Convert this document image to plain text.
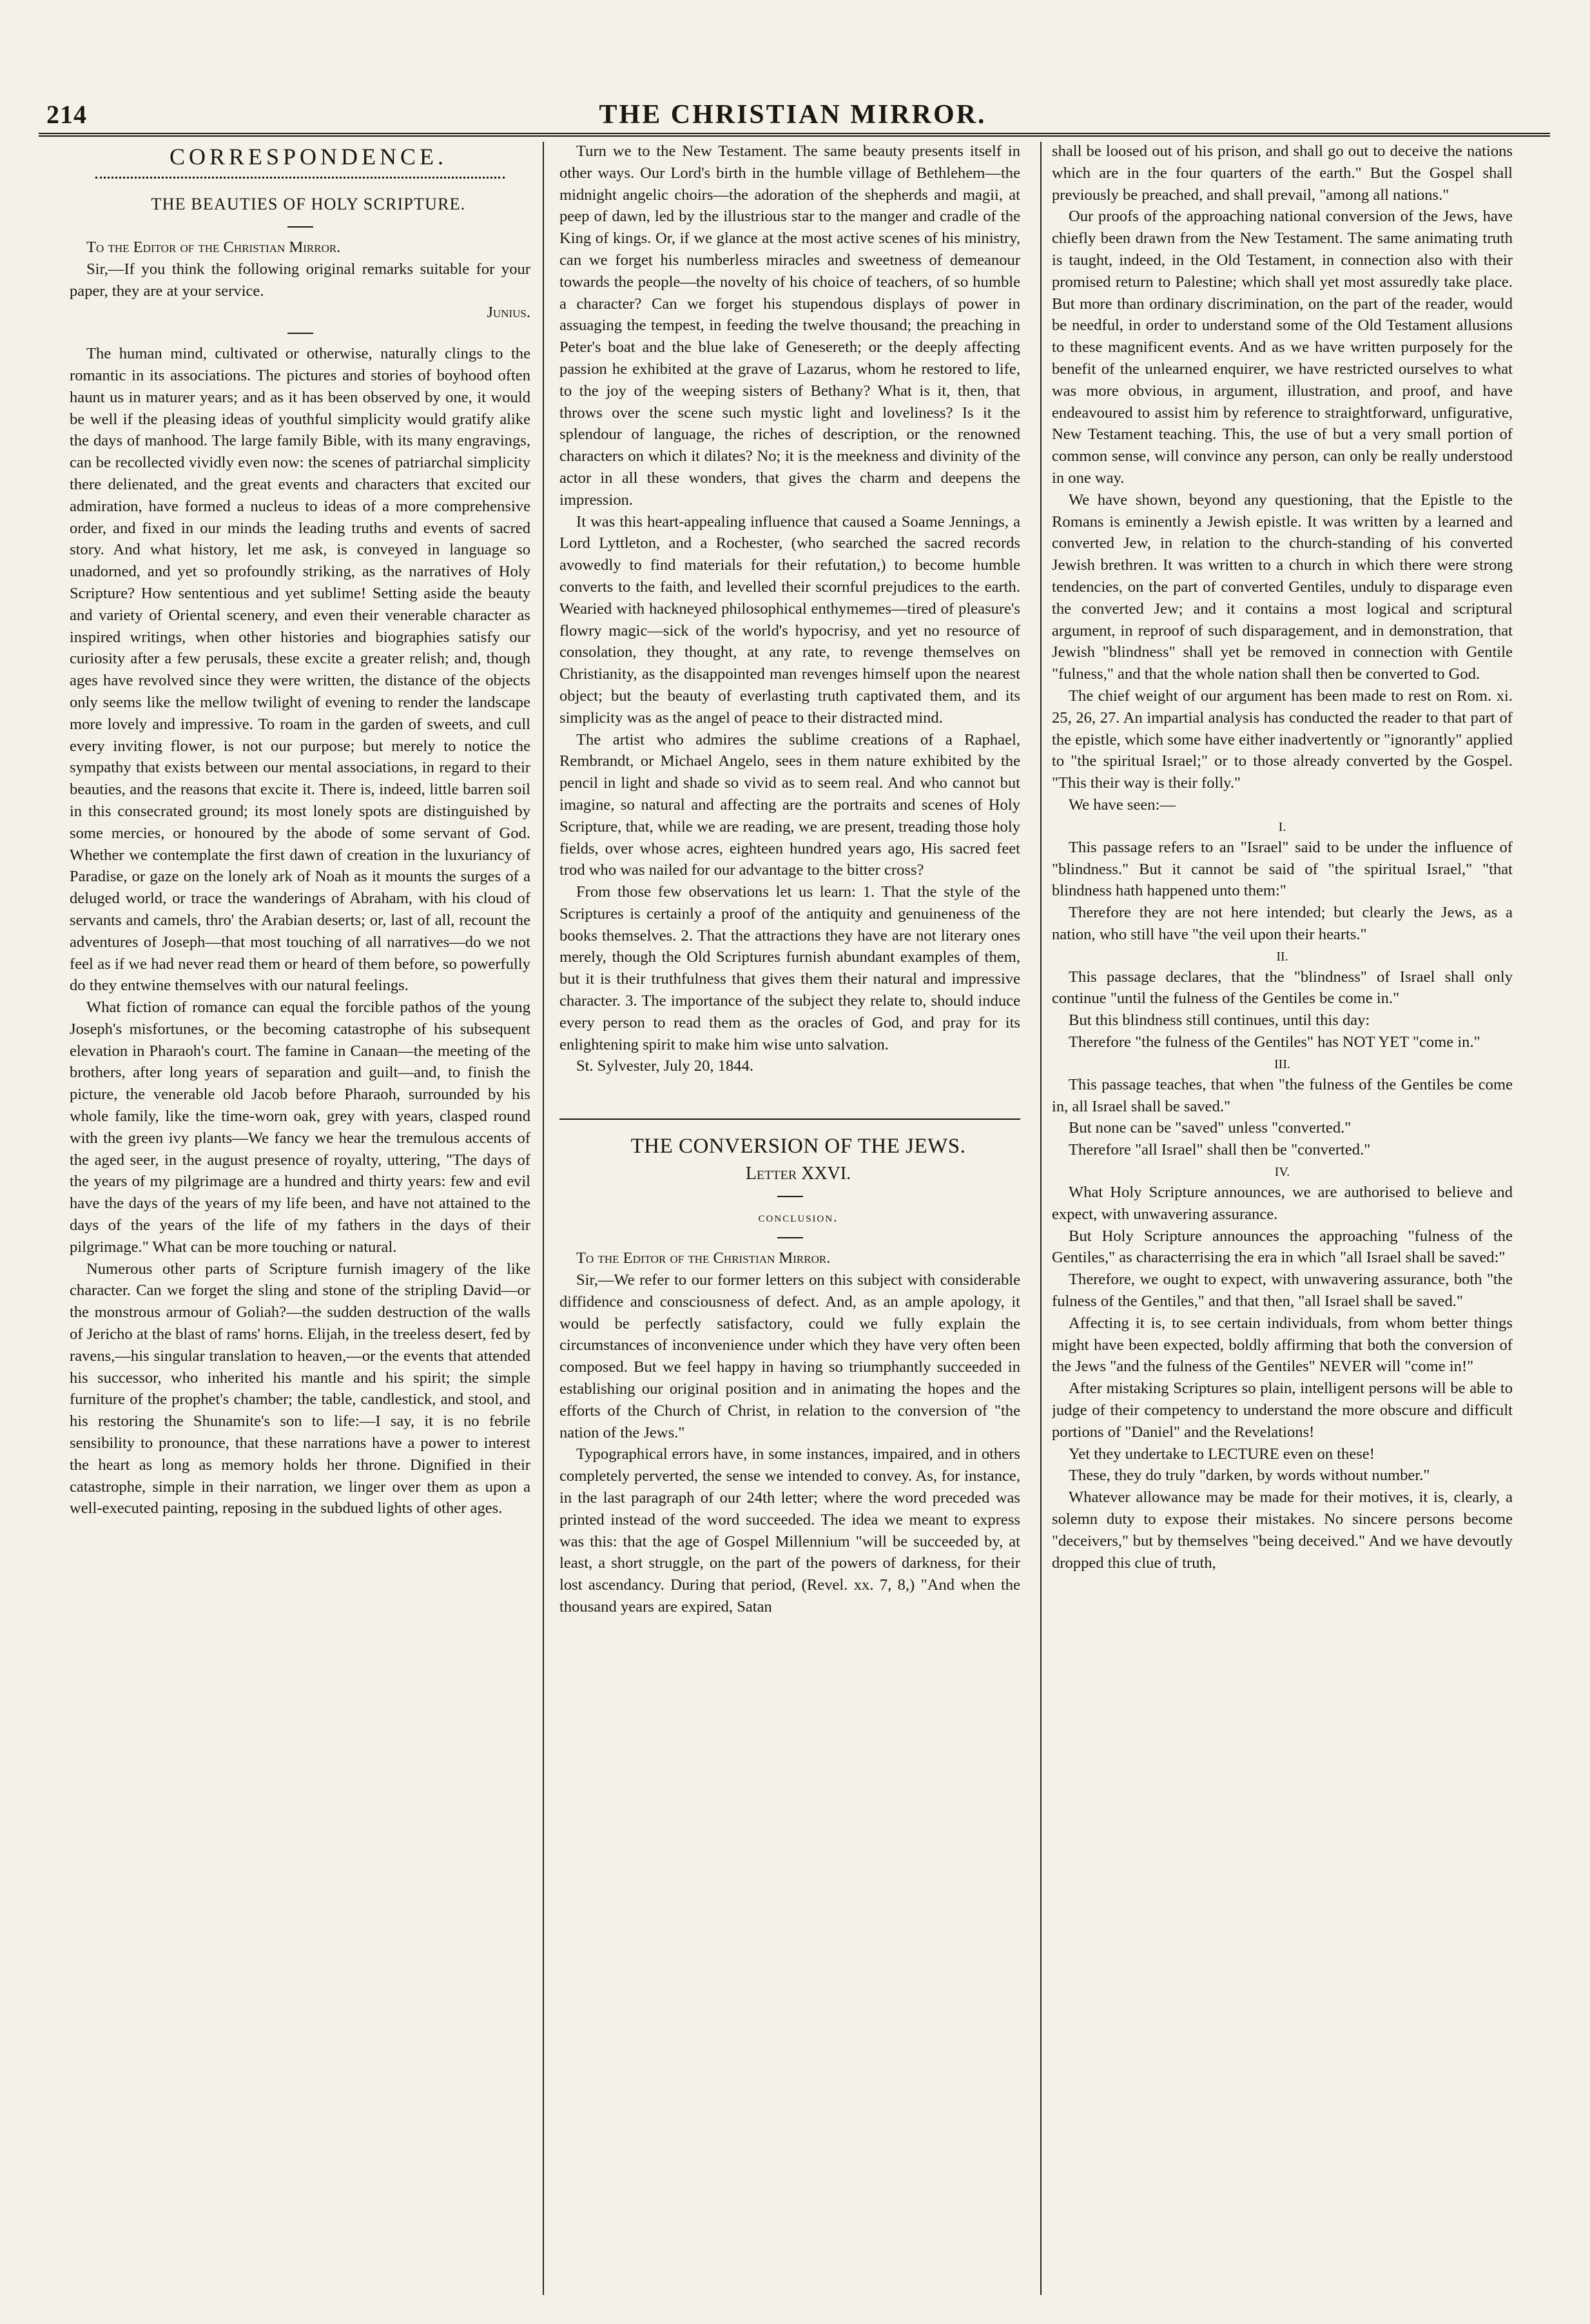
214	THE CHRISTIAN MIRROR.

CORRESPONDENCE.

THE BEAUTIES OF HOLY SCRIPTURE.

To the Editor of the Christian Mirror.

Sir,—If you think the following original remarks suitable for your paper, they are at your service.

Junius.

The human mind, cultivated or otherwise, naturally clings to the romantic in its associations. The pictures and stories of boyhood often haunt us in maturer years; and as it has been observed by one, it would be well if the pleasing ideas of youthful simplicity would gratify alike the days of manhood. The large family Bible, with its many engravings, can be recollected vividly even now: the scenes of patriarchal simplicity there delienated, and the great events and characters that excited our admiration, have formed a nucleus to ideas of a more comprehensive order, and fixed in our minds the leading truths and events of sacred story. And what history, let me ask, is conveyed in language so unadorned, and yet so profoundly striking, as the narratives of Holy Scripture? How sententious and yet sublime! Setting aside the beauty and variety of Oriental scenery, and even their venerable character as inspired writings, when other histories and biographies satisfy our curiosity after a few perusals, these excite a greater relish; and, though ages have revolved since they were written, the distance of the objects only seems like the mellow twilight of evening to render the landscape more lovely and impressive. To roam in the garden of sweets, and cull every inviting flower, is not our purpose; but merely to notice the sympathy that exists between our mental associations, in regard to their beauties, and the reasons that excite it. There is, indeed, little barren soil in this consecrated ground; its most lonely spots are distinguished by some mercies, or honoured by the abode of some servant of God. Whether we contemplate the first dawn of creation in the luxuriancy of Paradise, or gaze on the lonely ark of Noah as it mounts the surges of a deluged world, or trace the wanderings of Abraham, with his cloud of servants and camels, thro' the Arabian deserts; or, last of all, recount the adventures of Joseph—that most touching of all narratives—do we not feel as if we had never read them or heard of them before, so powerfully do they entwine themselves with our natural feelings.

What fiction of romance can equal the forcible pathos of the young Joseph's misfortunes, or the becoming catastrophe of his subsequent elevation in Pharaoh's court. The famine in Canaan—the meeting of the brothers, after long years of separation and guilt—and, to finish the picture, the venerable old Jacob before Pharaoh, surrounded by his whole family, like the time-worn oak, grey with years, clasped round with the green ivy plants—We fancy we hear the tremulous accents of the aged seer, in the august presence of royalty, uttering, "The days of the years of my pilgrimage are a hundred and thirty years: few and evil have the days of the years of my life been, and have not attained to the days of the years of the life of my fathers in the days of their pilgrimage." What can be more touching or natural.

Numerous other parts of Scripture furnish imagery of the like character. Can we forget the sling and stone of the stripling David—or the monstrous armour of Goliah?—the sudden destruction of the walls of Jericho at the blast of rams' horns. Elijah, in the treeless desert, fed by ravens,—his singular translation to heaven,—or the events that attended his successor, who inherited his mantle and his spirit; the simple furniture of the prophet's chamber; the table, candlestick, and stool, and his restoring the Shunamite's son to life:—I say, it is no febrile sensibility to pronounce, that these narrations have a power to interest the heart as long as memory holds her throne. Dignified in their catastrophe, simple in their narration, we linger over them as upon a well-executed painting, reposing in the subdued lights of other ages.

Turn we to the New Testament. The same beauty presents itself in other ways. Our Lord's birth in the humble village of Bethlehem—the midnight angelic choirs—the adoration of the shepherds and magii, at peep of dawn, led by the illustrious star to the manger and cradle of the King of kings. Or, if we glance at the most active scenes of his ministry, can we forget his numberless miracles and sweetness of demeanour towards the people—the novelty of his choice of teachers, of so humble a character? Can we forget his stupendous displays of power in assuaging the tempest, in feeding the twelve thousand; the preaching in Peter's boat and the blue lake of Genesereth; or the deeply affecting passion he exhibited at the grave of Lazarus, whom he restored to life, to the joy of the weeping sisters of Bethany? What is it, then, that throws over the scene such mystic light and loveliness? Is it the splendour of language, the riches of description, or the renowned characters on which it dilates? No; it is the meekness and divinity of the actor in all these wonders, that gives the charm and deepens the impression.

It was this heart-appealing influence that caused a Soame Jennings, a Lord Lyttleton, and a Rochester, (who searched the sacred records avowedly to find materials for their refutation,) to become humble converts to the faith, and levelled their scornful prejudices to the earth. Wearied with hackneyed philosophical enthymemes—tired of pleasure's flowry magic—sick of the world's hypocrisy, and yet no resource of consolation, they thought, at any rate, to revenge themselves on Christianity, as the disappointed man revenges himself upon the nearest object; but the beauty of everlasting truth captivated them, and its simplicity was as the angel of peace to their distracted mind.

The artist who admires the sublime creations of a Raphael, Rembrandt, or Michael Angelo, sees in them nature exhibited by the pencil in light and shade so vivid as to seem real. And who cannot but imagine, so natural and affecting are the portraits and scenes of Holy Scripture, that, while we are reading, we are present, treading those holy fields, over whose acres, eighteen hundred years ago, His sacred feet trod who was nailed for our advantage to the bitter cross?

From those few observations let us learn: 1. That the style of the Scriptures is certainly a proof of the antiquity and genuineness of the books themselves. 2. That the attractions they have are not literary ones merely, though the Old Scriptures furnish abundant examples of them, but it is their truthfulness that gives them their natural and impressive character. 3. The importance of the subject they relate to, should induce every person to read them as the oracles of God, and pray for its enlightening spirit to make him wise unto salvation.

St. Sylvester, July 20, 1844.

THE CONVERSION OF THE JEWS.

Letter XXVI.

conclusion.

To the Editor of the Christian Mirror.

Sir,—We refer to our former letters on this subject with considerable diffidence and consciousness of defect. And, as an ample apology, it would be perfectly satisfactory, could we fully explain the circumstances of inconvenience under which they have very often been composed. But we feel happy in having so triumphantly succeeded in establishing our original position and in animating the hopes and the efforts of the Church of Christ, in relation to the conversion of "the nation of the Jews."

Typographical errors have, in some instances, impaired, and in others completely perverted, the sense we intended to convey. As, for instance, in the last paragraph of our 24th letter; where the word preceded was printed instead of the word succeeded. The idea we meant to express was this: that the age of Gospel Millennium "will be succeeded by, at least, a short struggle, on the part of the powers of darkness, for their lost ascendancy. During that period, (Revel. xx. 7, 8,) "And when the thousand years are expired, Satan

shall be loosed out of his prison, and shall go out to deceive the nations which are in the four quarters of the earth." But the Gospel shall previously be preached, and shall prevail, "among all nations."

Our proofs of the approaching national conversion of the Jews, have chiefly been drawn from the New Testament. The same animating truth is taught, indeed, in the Old Testament, in connection also with their promised return to Palestine; which shall yet most assuredly take place. But more than ordinary discrimination, on the part of the reader, would be needful, in order to understand some of the Old Testament allusions to these magnificent events. And as we have written purposely for the benefit of the unlearned enquirer, we have restricted ourselves to what was more obvious, in argument, illustration, and proof, and have endeavoured to assist him by reference to straightforward, unfigurative, New Testament teaching. This, the use of but a very small portion of common sense, will convince any person, can only be really understood in one way.

We have shown, beyond any questioning, that the Epistle to the Romans is eminently a Jewish epistle. It was written by a learned and converted Jew, in relation to the church-standing of his converted Jewish brethren. It was written to a church in which there were strong tendencies, on the part of converted Gentiles, unduly to disparage even the converted Jew; and it contains a most logical and scriptural argument, in reproof of such disparagement, and in demonstration, that Jewish "blindness" shall yet be removed in connection with Gentile "fulness," and that the whole nation shall then be converted to God.

The chief weight of our argument has been made to rest on Rom. xi. 25, 26, 27. An impartial analysis has conducted the reader to that part of the epistle, which some have either inadvertently or "ignorantly" applied to "the spiritual Israel;" or to those already converted by the Gospel. "This their way is their folly."

We have seen:—

I.

This passage refers to an "Israel" said to be under the influence of "blindness." But it cannot be said of "the spiritual Israel," "that blindness hath happened unto them:"

Therefore they are not here intended; but clearly the Jews, as a nation, who still have "the veil upon their hearts."

II.

This passage declares, that the "blindness" of Israel shall only continue "until the fulness of the Gentiles be come in."

But this blindness still continues, until this day:

Therefore "the fulness of the Gentiles" has NOT YET "come in."

III.

This passage teaches, that when "the fulness of the Gentiles be come in, all Israel shall be saved."

But none can be "saved" unless "converted."

Therefore "all Israel" shall then be "converted."

IV.

What Holy Scripture announces, we are authorised to believe and expect, with unwavering assurance.

But Holy Scripture announces the approaching "fulness of the Gentiles," as characterrising the era in which "all Israel shall be saved:"

Therefore, we ought to expect, with unwavering assurance, both "the fulness of the Gentiles," and that then, "all Israel shall be saved."

Affecting it is, to see certain individuals, from whom better things might have been expected, boldly affirming that both the conversion of the Jews "and the fulness of the Gentiles" NEVER will "come in!"

After mistaking Scriptures so plain, intelligent persons will be able to judge of their competency to understand the more obscure and difficult portions of "Daniel" and the Revelations!

Yet they undertake to LECTURE even on these!

These, they do truly "darken, by words without number."

Whatever allowance may be made for their motives, it is, clearly, a solemn duty to expose their mistakes. No sincere persons become "deceivers," but by themselves "being deceived." And we have devoutly dropped this clue of truth,
